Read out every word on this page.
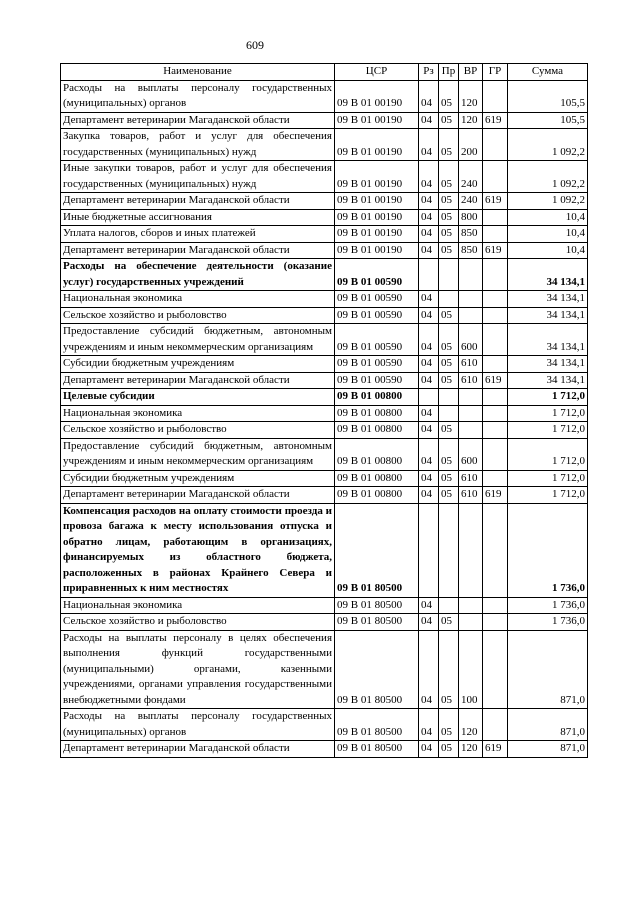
609
Наименование	ЦСР	Рз	Пр	ВР	ГР	Сумма
Расходы на выплаты персоналу государственных (муниципальных) органов	09 В 01 00190	04	05	120		105,5
Департамент ветеринарии Магаданской области	09 В 01 00190	04	05	120	619	105,5
Закупка товаров, работ и услуг для обеспечения государственных (муниципальных) нужд	09 В 01 00190	04	05	200		1 092,2
Иные закупки товаров, работ и услуг для обеспечения государственных (муниципальных) нужд	09 В 01 00190	04	05	240		1 092,2
Департамент ветеринарии Магаданской области	09 В 01 00190	04	05	240	619	1 092,2
Иные бюджетные ассигнования	09 В 01 00190	04	05	800		10,4
Уплата налогов, сборов и иных платежей	09 В 01 00190	04	05	850		10,4
Департамент ветеринарии Магаданской области	09 В 01 00190	04	05	850	619	10,4
Расходы на обеспечение деятельности (оказание услуг) государственных учреждений	09 В 01 00590					34 134,1
Национальная экономика	09 В 01 00590	04				34 134,1
Сельское хозяйство и рыболовство	09 В 01 00590	04	05			34 134,1
Предоставление субсидий бюджетным, автономным учреждениям и иным некоммерческим организациям	09 В 01 00590	04	05	600		34 134,1
Субсидии бюджетным учреждениям	09 В 01 00590	04	05	610		34 134,1
Департамент ветеринарии Магаданской области	09 В 01 00590	04	05	610	619	34 134,1
Целевые субсидии	09 В 01 00800					1 712,0
Национальная экономика	09 В 01 00800	04				1 712,0
Сельское хозяйство и рыболовство	09 В 01 00800	04	05			1 712,0
Предоставление субсидий бюджетным, автономным учреждениям и иным некоммерческим организациям	09 В 01 00800	04	05	600		1 712,0
Субсидии бюджетным учреждениям	09 В 01 00800	04	05	610		1 712,0
Департамент ветеринарии Магаданской области	09 В 01 00800	04	05	610	619	1 712,0
Компенсация расходов на оплату стоимости проезда и провоза багажа к месту использования отпуска и обратно лицам, работающим в организациях, финансируемых из областного бюджета, расположенных в районах Крайнего Севера и приравненных к ним местностях	09 В 01 80500					1 736,0
Национальная экономика	09 В 01 80500	04				1 736,0
Сельское хозяйство и рыболовство	09 В 01 80500	04	05			1 736,0
Расходы на выплаты персоналу в целях обеспечения выполнения функций государственными (муниципальными) органами, казенными учреждениями, органами управления государственными внебюджетными фондами	09 В 01 80500	04	05	100		871,0
Расходы на выплаты персоналу государственных (муниципальных) органов	09 В 01 80500	04	05	120		871,0
Департамент ветеринарии Магаданской области	09 В 01 80500	04	05	120	619	871,0
